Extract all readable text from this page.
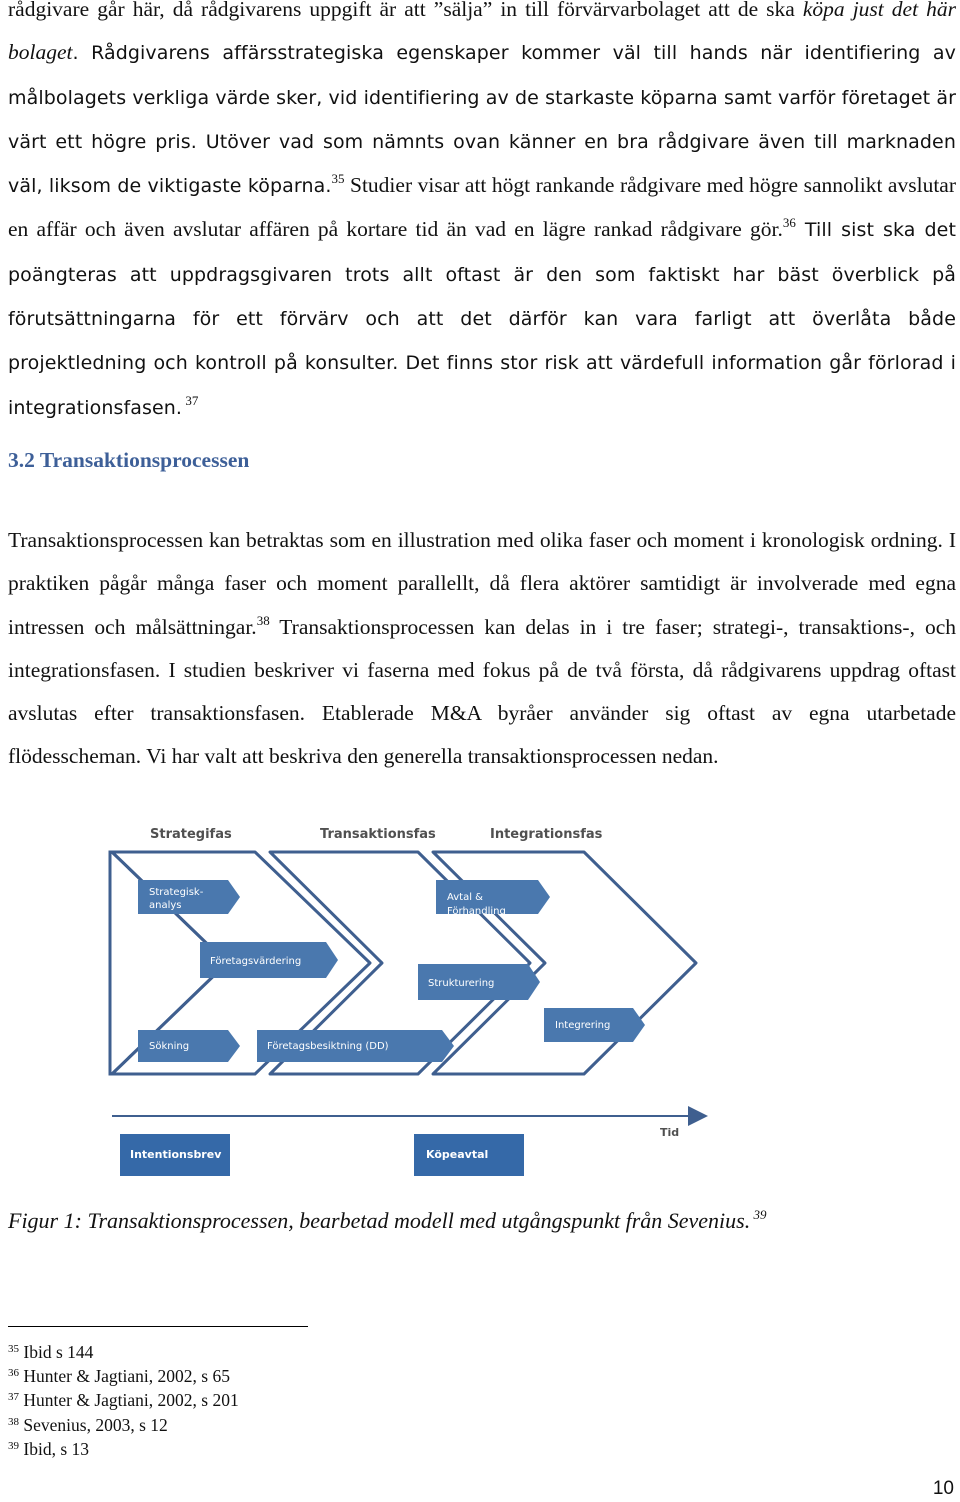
rådgivare går här, då rådgivarens uppgift är att ”sälja” in till förvärvarbolaget att de ska köpa just det här bolaget. Rådgivarens affärsstrategiska egenskaper kommer väl till hands när identifiering av målbolagets verkliga värde sker, vid identifiering av de starkaste köparna samt varför företaget är värt ett högre pris. Utöver vad som nämnts ovan känner en bra rådgivare även till marknaden väl, liksom de viktigaste köparna.$^{35}$ Studier visar att högt rankande rådgivare med högre sannolikt avslutar en affär och även avslutar affären på kortare tid än vad en lägre rankad rådgivare gör.$^{36}$ Till sist ska det poängteras att uppdragsgivaren trots allt oftast är den som faktiskt har bäst överblick på förutsättningarna för ett förvärv och att det därför kan vara farligt att överlåta både projektledning och kontroll på konsulter. Det finns stor risk att värdefull information går förlorad i integrationsfasen. $^{37}$

3.2 Transaktionsprocessen

Transaktionsprocessen kan betraktas som en illustration med olika faser och moment i kronologisk ordning. I praktiken pågår många faser och moment parallellt, då flera aktörer samtidigt är involverade med egna intressen och målsättningar.$^{38}$ Transaktionsprocessen kan delas in i tre faser; strategi-, transaktions-, och integrationsfasen. I studien beskriver vi faserna med fokus på de två första, då rådgivarens uppdrag oftast avslutas efter transaktionsfasen. Etablerade M&A byråer använder sig oftast av egna utarbetade flödesscheman. Vi har valt att beskriva den generella transaktionsprocessen nedan.

Strategifas	Transaktionsfas	Integrationsfas
Strategisk-
analys
Företagsvärdering
Sökning
Avtal &
Förhandling
Strukturering
Företagsbesiktning (DD)
Integrering
Tid
Intentionsbrev	Köpeavtal

Figur 1: Transaktionsprocessen, bearbetad modell med utgångspunkt från Sevenius. $^{39}$

$^{35}$ Ibid s 144
$^{36}$ Hunter & Jagtiani, 2002, s 65
$^{37}$ Hunter & Jagtiani, 2002, s 201
$^{38}$ Sevenius, 2003, s 12
$^{39}$ Ibid, s 13
10
